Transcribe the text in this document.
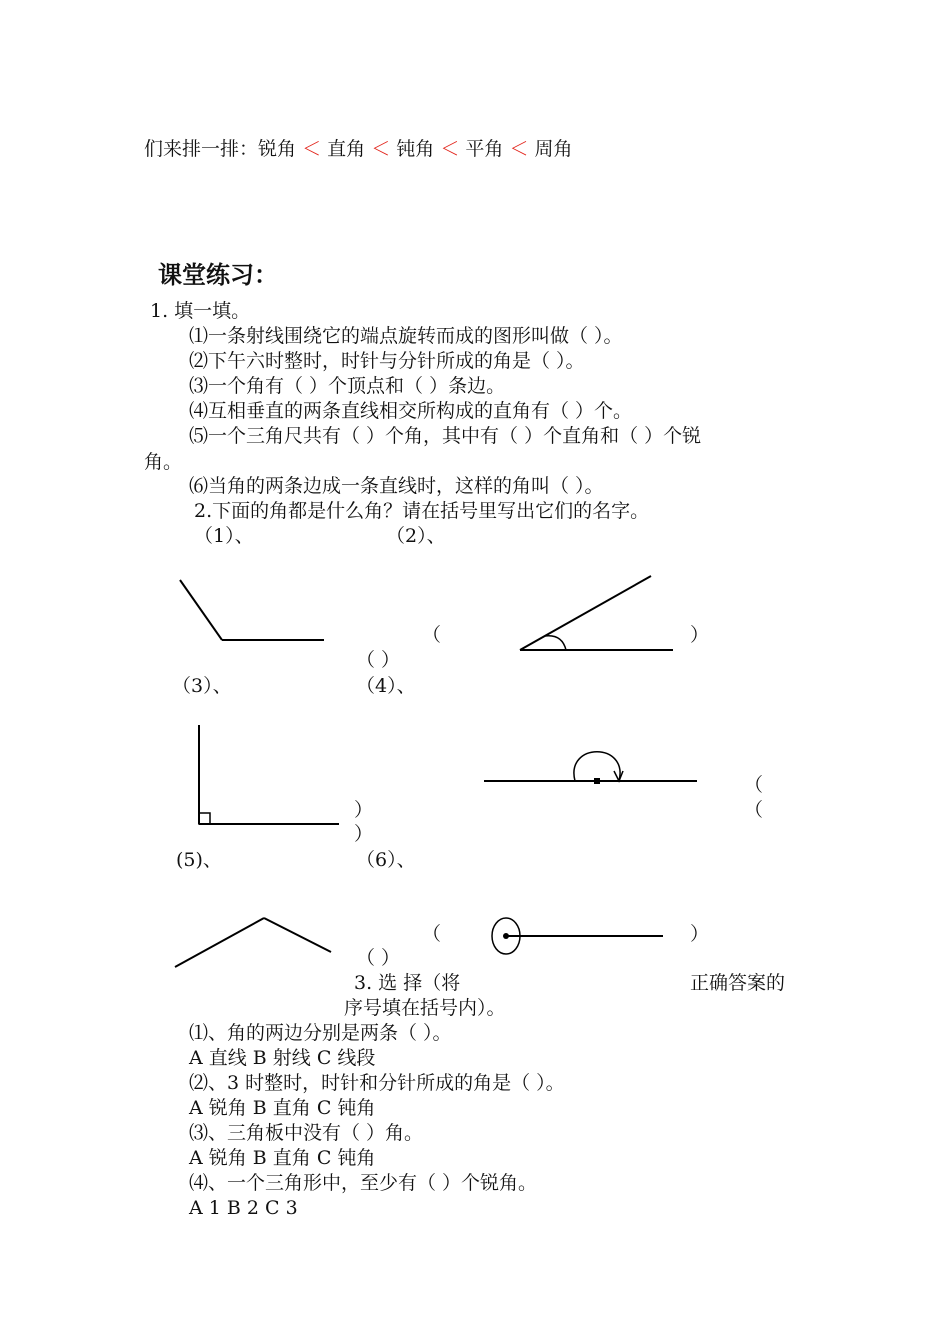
们来排一排：锐角 ＜ 直角 ＜ 钝角 ＜ 平角 ＜ 周角
课堂练习：
1. 填一填。
⑴一条射线围绕它的端点旋转而成的图形叫做（ ）。
⑵下午六时整时，时针与分针所成的角是（ ）。
⑶一个角有（ ）个顶点和（ ）条边。
⑷互相垂直的两条直线相交所构成的直角有（ ）个。
⑸一个三角尺共有（ ）个角，其中有（ ）个直角和（ ）个锐
角。
⑹当角的两条边成一条直线时，这样的角叫（ ）。
2.下面的角都是什么角？请在括号里写出它们的名字。
（1）、	（2）、
（	）
（ ）
（3）、	（4）、
（
）	（
）
(5)、	（6）、
（	）
（ ）
3. 选 择（将	正确答案的
序号填在括号内）。
⑴、角的两边分别是两条（ ）。
A 直线 B 射线 C 线段
⑵、3 时整时，时针和分针所成的角是（ ）。
A 锐角 B 直角 C 钝角
⑶、三角板中没有（ ）角。
A 锐角 B 直角 C 钝角
⑷、一个三角形中，至少有（ ）个锐角。
A 1 B 2 C 3
